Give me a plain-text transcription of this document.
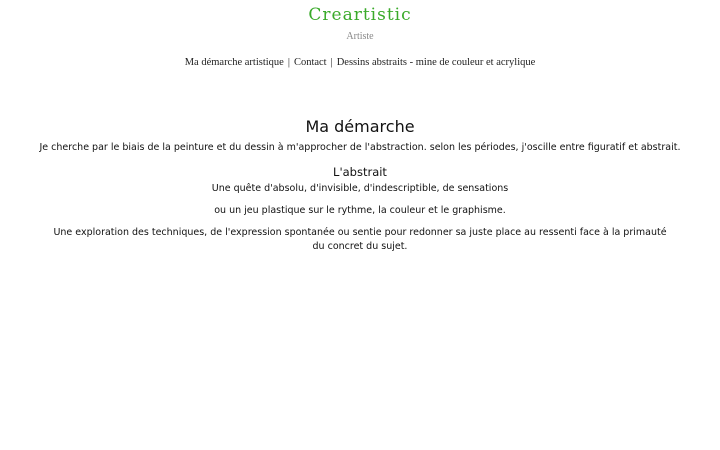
Creartistic
Artiste
Ma démarche artistique | Contact | Dessins abstraits - mine de couleur et acrylique
Ma démarche

Je cherche par le biais de la peinture et du dessin à m'approcher de l'abstraction. selon les périodes, j'oscille entre figuratif et abstrait.

L'abstrait

Une quête d'absolu, d'invisible, d'indescriptible, de sensations

ou un jeu plastique sur le rythme, la couleur et le graphisme.

Une exploration des techniques, de l'expression spontanée ou sentie pour redonner sa juste place au ressenti face à la primauté du concret du sujet.
